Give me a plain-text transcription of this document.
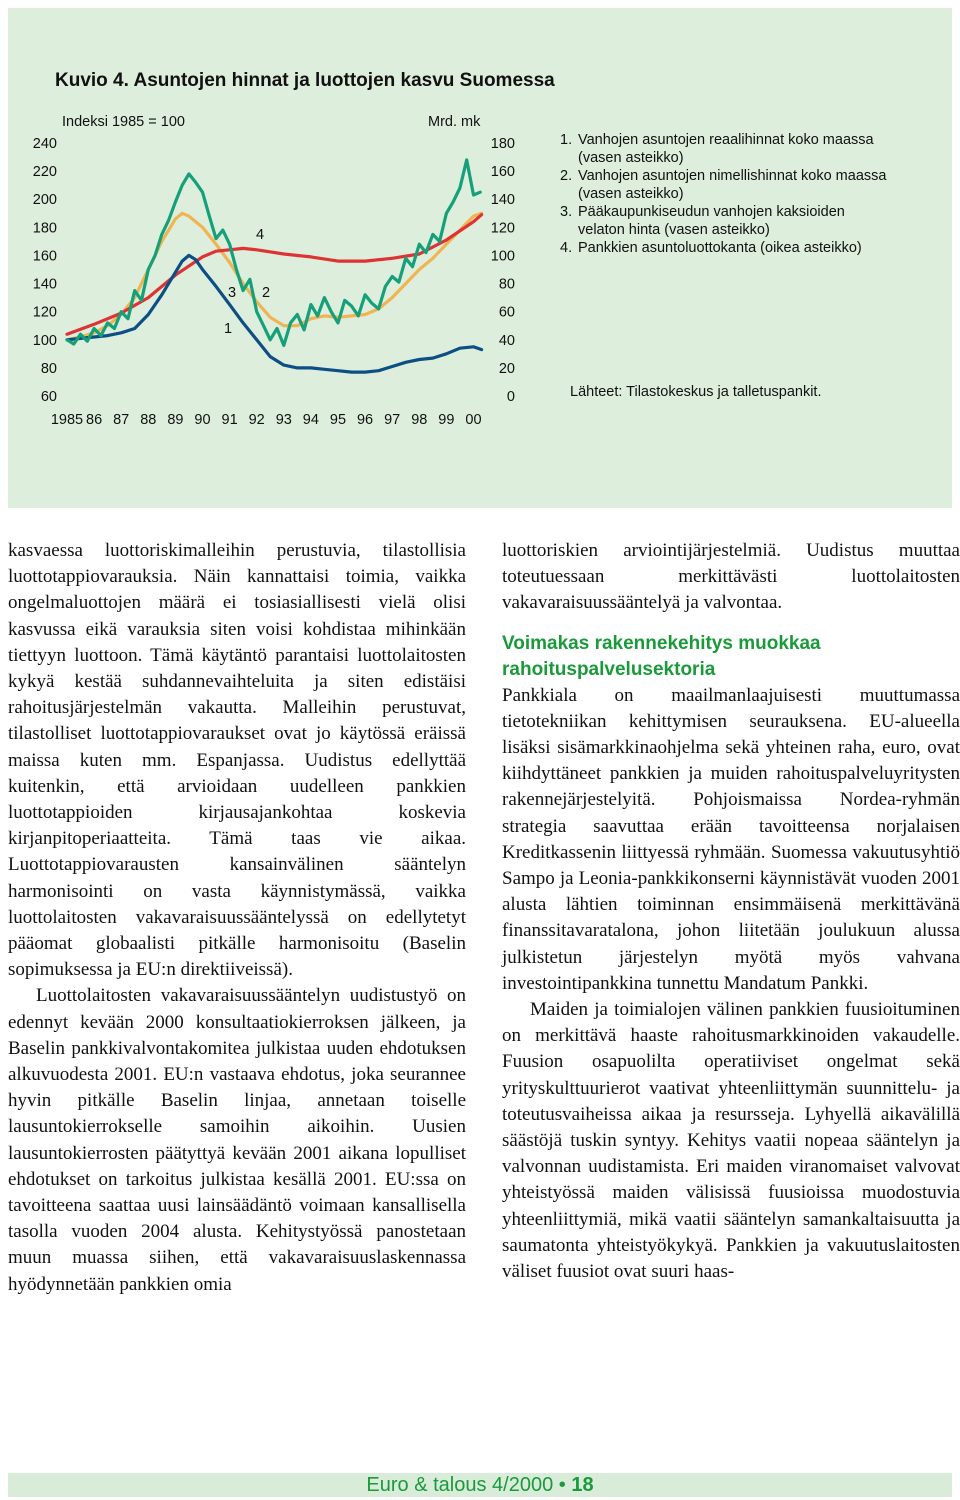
Kuvio 4. Asuntojen hinnat ja luottojen kasvu Suomessa
Indeksi 1985 = 100	Mrd. mk
240
220
200
180
160
140
120
100
80
60
180
160
140
120
100
80
60
40
20
0
1985 86 87 88 89 90 91 92 93 94 95 96 97 98 99 00
1
2
3
4
1. Vanhojen asuntojen reaalihinnat koko maassa
(vasen asteikko)
2. Vanhojen asuntojen nimellishinnat koko maassa
(vasen asteikko)
3. Pääkaupunkiseudun vanhojen kaksioiden
velaton hinta (vasen asteikko)
4. Pankkien asuntoluottokanta (oikea asteikko)
Lähteet: Tilastokeskus ja talletuspankit.

kasvaessa luottoriskimalleihin perustuvia, tilastollisia luottotappiovarauksia. Näin kannattaisi toimia, vaikka ongelmaluottojen määrä ei tosiasiallisesti vielä olisi kasvussa eikä varauksia siten voisi kohdistaa mihinkään tiettyyn luottoon. Tämä käytäntö parantaisi luottolaitosten kykyä kestää suhdannevaihteluita ja siten edistäisi rahoitusjärjestelmän vakautta. Malleihin perustuvat, tilastolliset luottotappiovaraukset ovat jo käytössä eräissä maissa kuten mm. Espanjassa. Uudistus edellyttää kuitenkin, että arvioidaan uudelleen pankkien luottotappioiden kirjausajankohtaa koskevia kirjanpitoperiaatteita. Tämä taas vie aikaa. Luottotappiovarausten kansainvälinen sääntelyn harmonisointi on vasta käynnistymässä, vaikka luottolaitosten vakavaraisuussääntelyssä on edellytetyt pääomat globaalisti pitkälle harmonisoitu (Baselin sopimuksessa ja EU:n direktiiveissä).

Luottolaitosten vakavaraisuussääntelyn uudistustyö on edennyt kevään 2000 konsultaatiokierroksen jälkeen, ja Baselin pankkivalvontakomitea julkistaa uuden ehdotuksen alkuvuodesta 2001. EU:n vastaava ehdotus, joka seurannee hyvin pitkälle Baselin linjaa, annetaan toiselle lausuntokierrokselle samoihin aikoihin. Uusien lausuntokierrosten päätyttyä kevään 2001 aikana lopulliset ehdotukset on tarkoitus julkistaa kesällä 2001. EU:ssa on tavoitteena saattaa uusi lainsäädäntö voimaan kansallisella tasolla vuoden 2004 alusta. Kehitystyössä panostetaan muun muassa siihen, että vakavaraisuuslaskennassa hyödynnetään pankkien omia

luottoriskien arviointijärjestelmiä. Uudistus muuttaa toteutuessaan merkittävästi luottolaitosten vakavaraisuussääntelyä ja valvontaa.

Voimakas rakennekehitys muokkaa rahoituspalvelusektoria

Pankkiala on maailmanlaajuisesti muuttumassa tietotekniikan kehittymisen seurauksena. EU-alueella lisäksi sisämarkkinaohjelma sekä yhteinen raha, euro, ovat kiihdyttäneet pankkien ja muiden rahoituspalveluyritysten rakennejärjestelyitä. Pohjoismaissa Nordea-ryhmän strategia saavuttaa erään tavoitteensa norjalaisen Kreditkassenin liittyessä ryhmään. Suomessa vakuutusyhtiö Sampo ja Leonia-pankkikonserni käynnistävät vuoden 2001 alusta lähtien toiminnan ensimmäisenä merkittävänä finanssitavaratalona, johon liitetään joulukuun alussa julkistetun järjestelyn myötä myös vahvana investointipankkina tunnettu Mandatum Pankki.

Maiden ja toimialojen välinen pankkien fuusioituminen on merkittävä haaste rahoitusmarkkinoiden vakaudelle. Fuusion osapuolilta operatiiviset ongelmat sekä yrityskulttuurierot vaativat yhteenliittymän suunnittelu- ja toteutusvaiheissa aikaa ja resursseja. Lyhyellä aikavälillä säästöjä tuskin syntyy. Kehitys vaatii nopeaa sääntelyn ja valvonnan uudistamista. Eri maiden viranomaiset valvovat yhteistyössä maiden välisissä fuusioissa muodostuvia yhteenliittymiä, mikä vaatii sääntelyn samankaltaisuutta ja saumatonta yhteistyökykyä. Pankkien ja vakuutuslaitosten väliset fuusiot ovat suuri haas-

Euro & talous 4/2000 • 18
